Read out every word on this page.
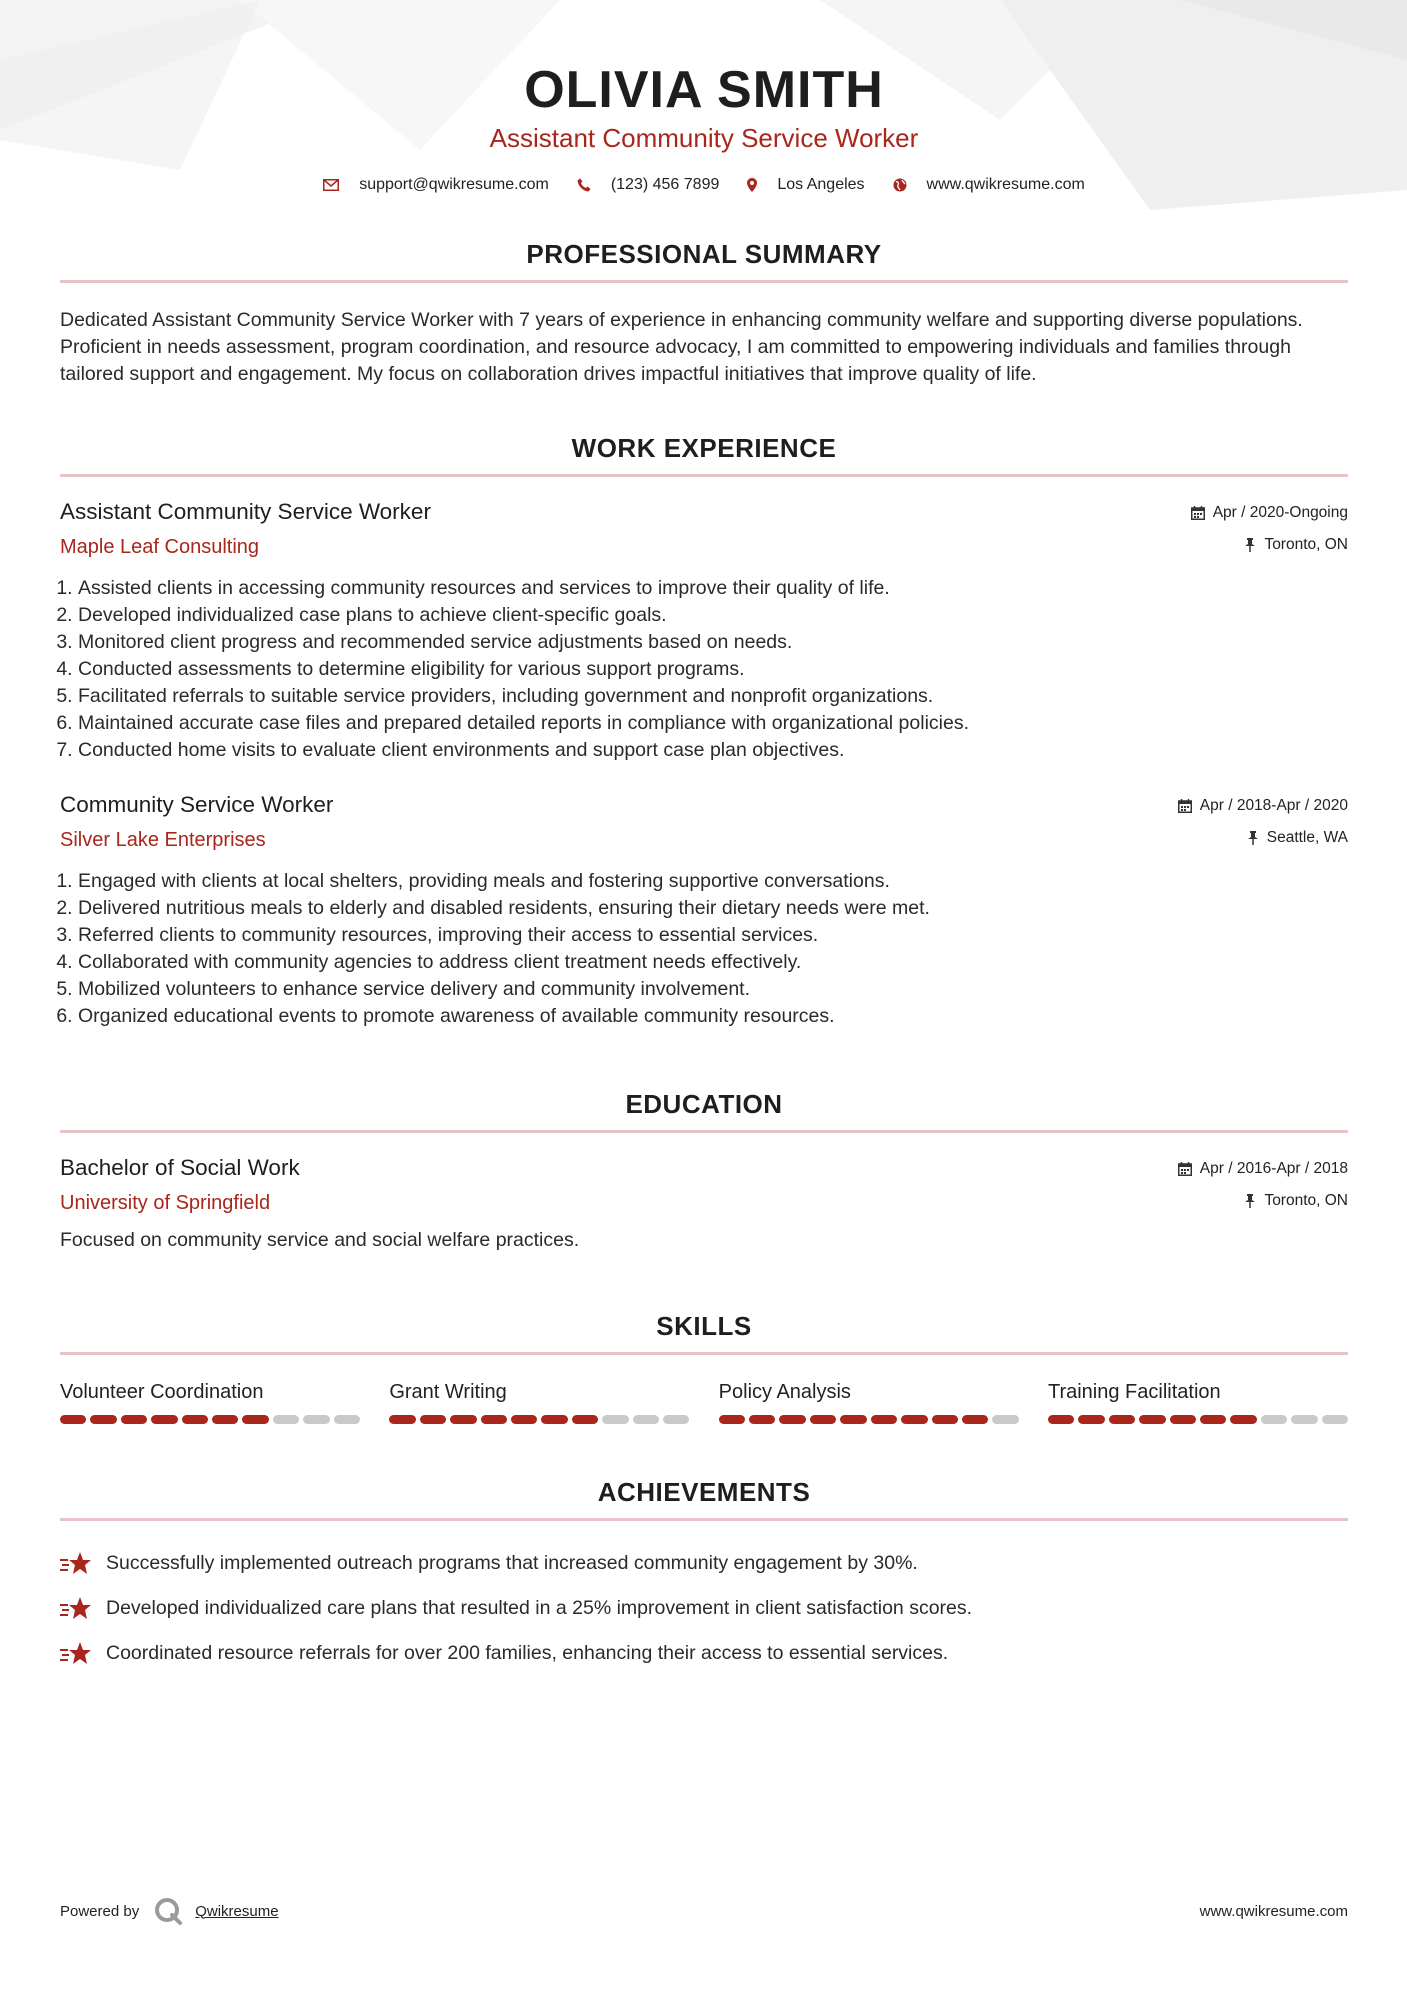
OLIVIA SMITH
Assistant Community Service Worker
support@qwikresume.com	(123) 456 7899	Los Angeles	www.qwikresume.com
PROFESSIONAL SUMMARY

Dedicated Assistant Community Service Worker with 7 years of experience in enhancing community welfare and supporting diverse populations. Proficient in needs assessment, program coordination, and resource advocacy, I am committed to empowering individuals and families through tailored support and engagement. My focus on collaboration drives impactful initiatives that improve quality of life.

WORK EXPERIENCE
Assistant Community Service Worker
Maple Leaf Consulting
Apr / 2020-Ongoing
Toronto, ON
1. Assisted clients in accessing community resources and services to improve their quality of life.
2. Developed individualized case plans to achieve client-specific goals.
3. Monitored client progress and recommended service adjustments based on needs.
4. Conducted assessments to determine eligibility for various support programs.
5. Facilitated referrals to suitable service providers, including government and nonprofit organizations.
6. Maintained accurate case files and prepared detailed reports in compliance with organizational policies.
7. Conducted home visits to evaluate client environments and support case plan objectives.
Community Service Worker
Silver Lake Enterprises
Apr / 2018-Apr / 2020
Seattle, WA
1. Engaged with clients at local shelters, providing meals and fostering supportive conversations.
2. Delivered nutritious meals to elderly and disabled residents, ensuring their dietary needs were met.
3. Referred clients to community resources, improving their access to essential services.
4. Collaborated with community agencies to address client treatment needs effectively.
5. Mobilized volunteers to enhance service delivery and community involvement.
6. Organized educational events to promote awareness of available community resources.
EDUCATION
Bachelor of Social Work
University of Springfield
Apr / 2016-Apr / 2018
Toronto, ON

Focused on community service and social welfare practices.

SKILLS
Volunteer Coordination	Grant Writing	Policy Analysis	Training Facilitation
ACHIEVEMENTS
Successfully implemented outreach programs that increased community engagement by 30%.
Developed individualized care plans that resulted in a 25% improvement in client satisfaction scores.
Coordinated resource referrals for over 200 families, enhancing their access to essential services.
Powered by	Qwikresume	www.qwikresume.com
